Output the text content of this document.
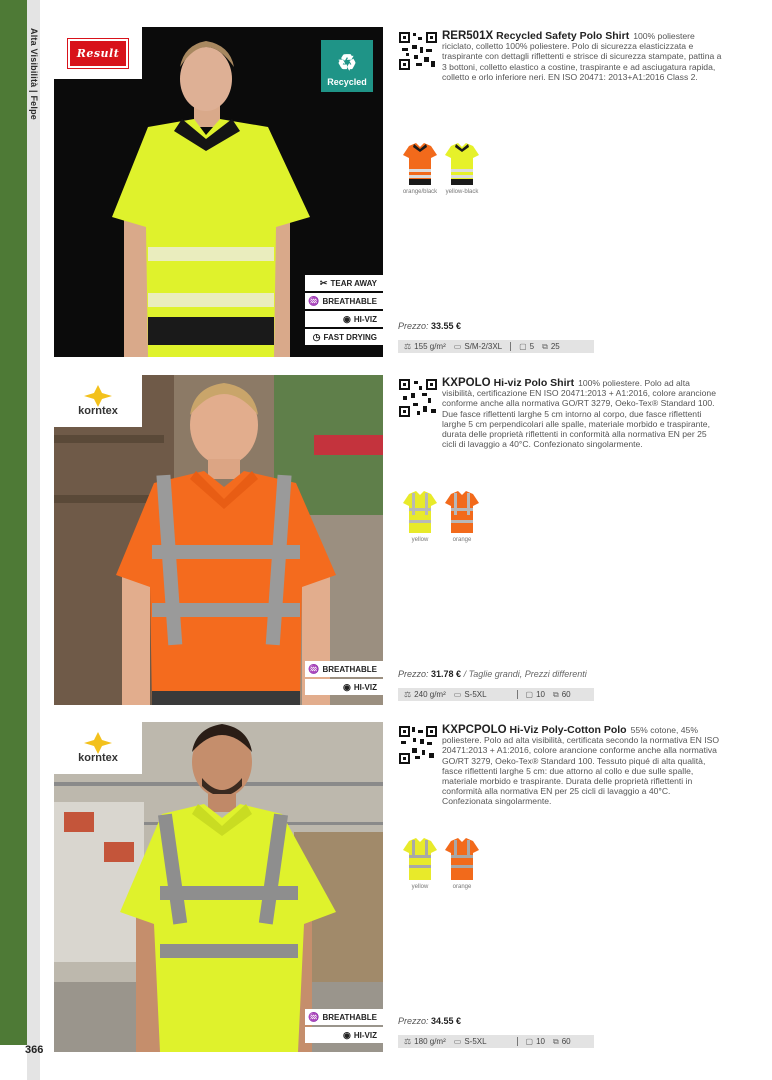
Alta Visibilità | Felpe
366
Result	♻
Recycled
✂ TEAR AWAY
♒ BREATHABLE
◉ HI-VIZ
◷ FAST DRYING
RER501X Recycled Safety Polo Shirt 100% poliestere riciclato, colletto 100% poliestere. Polo di sicurezza elasticizzata e traspirante con dettagli riflettenti e strisce di sicurezza stampate, pattina a 3 bottoni, colletto elastico a costine, traspirante e ad asciugatura rapida, colletto e orlo inferiore neri. EN ISO 20471: 2013+A1:2016 Class 2.
orange/black yellow-black
Prezzo: 33.55 €
⚖ 155 g/m² ▭ S/M-2/3XL ▢ 5 ⧉ 25
korntex
♒ BREATHABLE
◉ HI-VIZ
KXPOLO Hi-viz Polo Shirt 100% poliestere. Polo ad alta visibilità, certificazione EN ISO 20471:2013 + A1:2016, colore arancione conforme anche alla normativa GO/RT 3279, Oeko-Tex® Standard 100. Due fasce riflettenti larghe 5 cm intorno al corpo, due fasce riflettenti larghe 5 cm perpendicolari alle spalle, materiale morbido e traspirante, durata delle proprietà riflettenti in conformità alla normativa EN per 25 cicli di lavaggio a 40°C. Confezionato singolarmente.
yellow	orange
Prezzo: 31.78 € / Taglie grandi, Prezzi differenti
⚖ 240 g/m² ▭ S-5XL	▢ 10 ⧉ 60
korntex
♒ BREATHABLE
◉ HI-VIZ
KXPCPOLO Hi-Viz Poly-Cotton Polo 55% cotone, 45% poliestere. Polo ad alta visibilità, certificata secondo la normativa EN ISO 20471:2013 + A1:2016, colore arancione conforme anche alla normativa GO/RT 3279, Oeko-Tex® Standard 100. Tessuto piqué di alta qualità, fasce riflettenti larghe 5 cm: due attorno al collo e due sulle spalle, materiale morbido e traspirante. Durata delle proprietà riflettenti in conformità alla normativa EN per 25 cicli di lavaggio a 40°C. Confezionata singolarmente.
yellow	orange
Prezzo: 34.55 €
⚖ 180 g/m² ▭ S-5XL	▢ 10 ⧉ 60
